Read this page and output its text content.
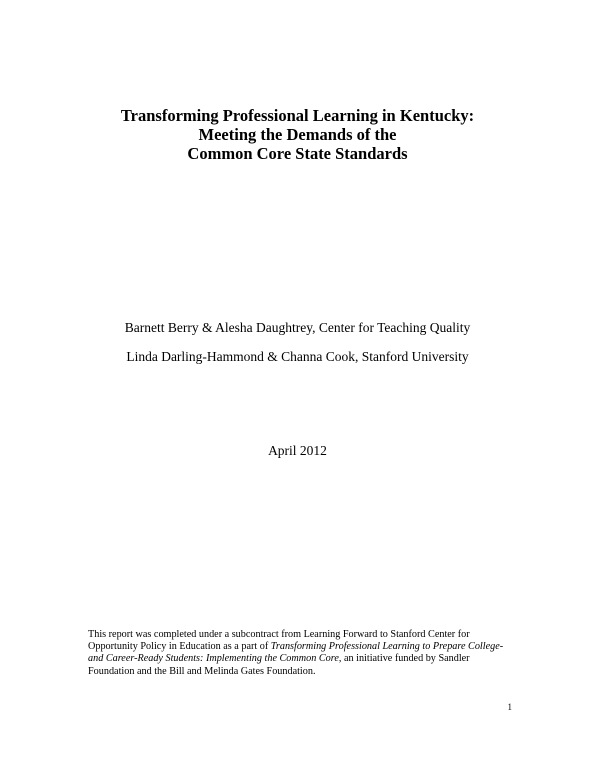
Transforming Professional Learning in Kentucky:
Meeting the Demands of the
Common Core State Standards
Barnett Berry & Alesha Daughtrey, Center for Teaching Quality
Linda Darling-Hammond & Channa Cook, Stanford University
April 2012
This report was completed under a subcontract from Learning Forward to Stanford Center for Opportunity Policy in Education as a part of Transforming Professional Learning to Prepare College- and Career-Ready Students: Implementing the Common Core, an initiative funded by Sandler Foundation and the Bill and Melinda Gates Foundation.
1
